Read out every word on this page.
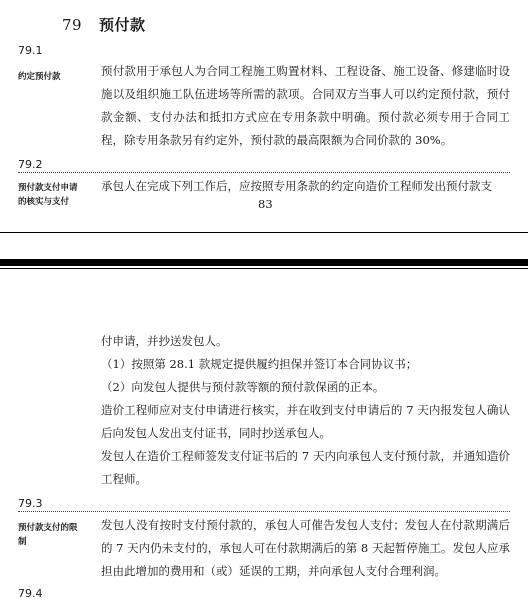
79 预付款
79.1
约定预付款	预付款用于承包人为合同工程施工购置材料、工程设备、施工设备、修建临时设施以及组织施工队伍进场等所需的款项。合同双方当事人可以约定预付款，预付款金额、支付办法和抵扣方式应在专用条款中明确。预付款必须专用于合同工程，除专用条款另有约定外，预付款的最高限额为合同价款的 30%。

79.2
预付款支付申请的核实与支付

承包人在完成下列工作后，应按照专用条款的约定向造价工程师发出预付款支

83

付申请，并抄送发包人。

（1）按照第 28.1 款规定提供履约担保并签订本合同协议书；

（2）向发包人提供与预付款等额的预付款保函的正本。

造价工程师应对支付申请进行核实，并在收到支付申请后的 7 天内报发包人确认后向发包人发出支付证书，同时抄送承包人。

发包人在造价工程师签发支付证书后的 7 天内向承包人支付预付款，并通知造价工程师。

79.3
预付款支付的限制

发包人没有按时支付预付款的，承包人可催告发包人支付；发包人在付款期满后的 7 天内仍未支付的，承包人可在付款期满后的第 8 天起暂停施工。发包人应承担由此增加的费用和（或）延误的工期，并向承包人支付合理利润。

79.4
